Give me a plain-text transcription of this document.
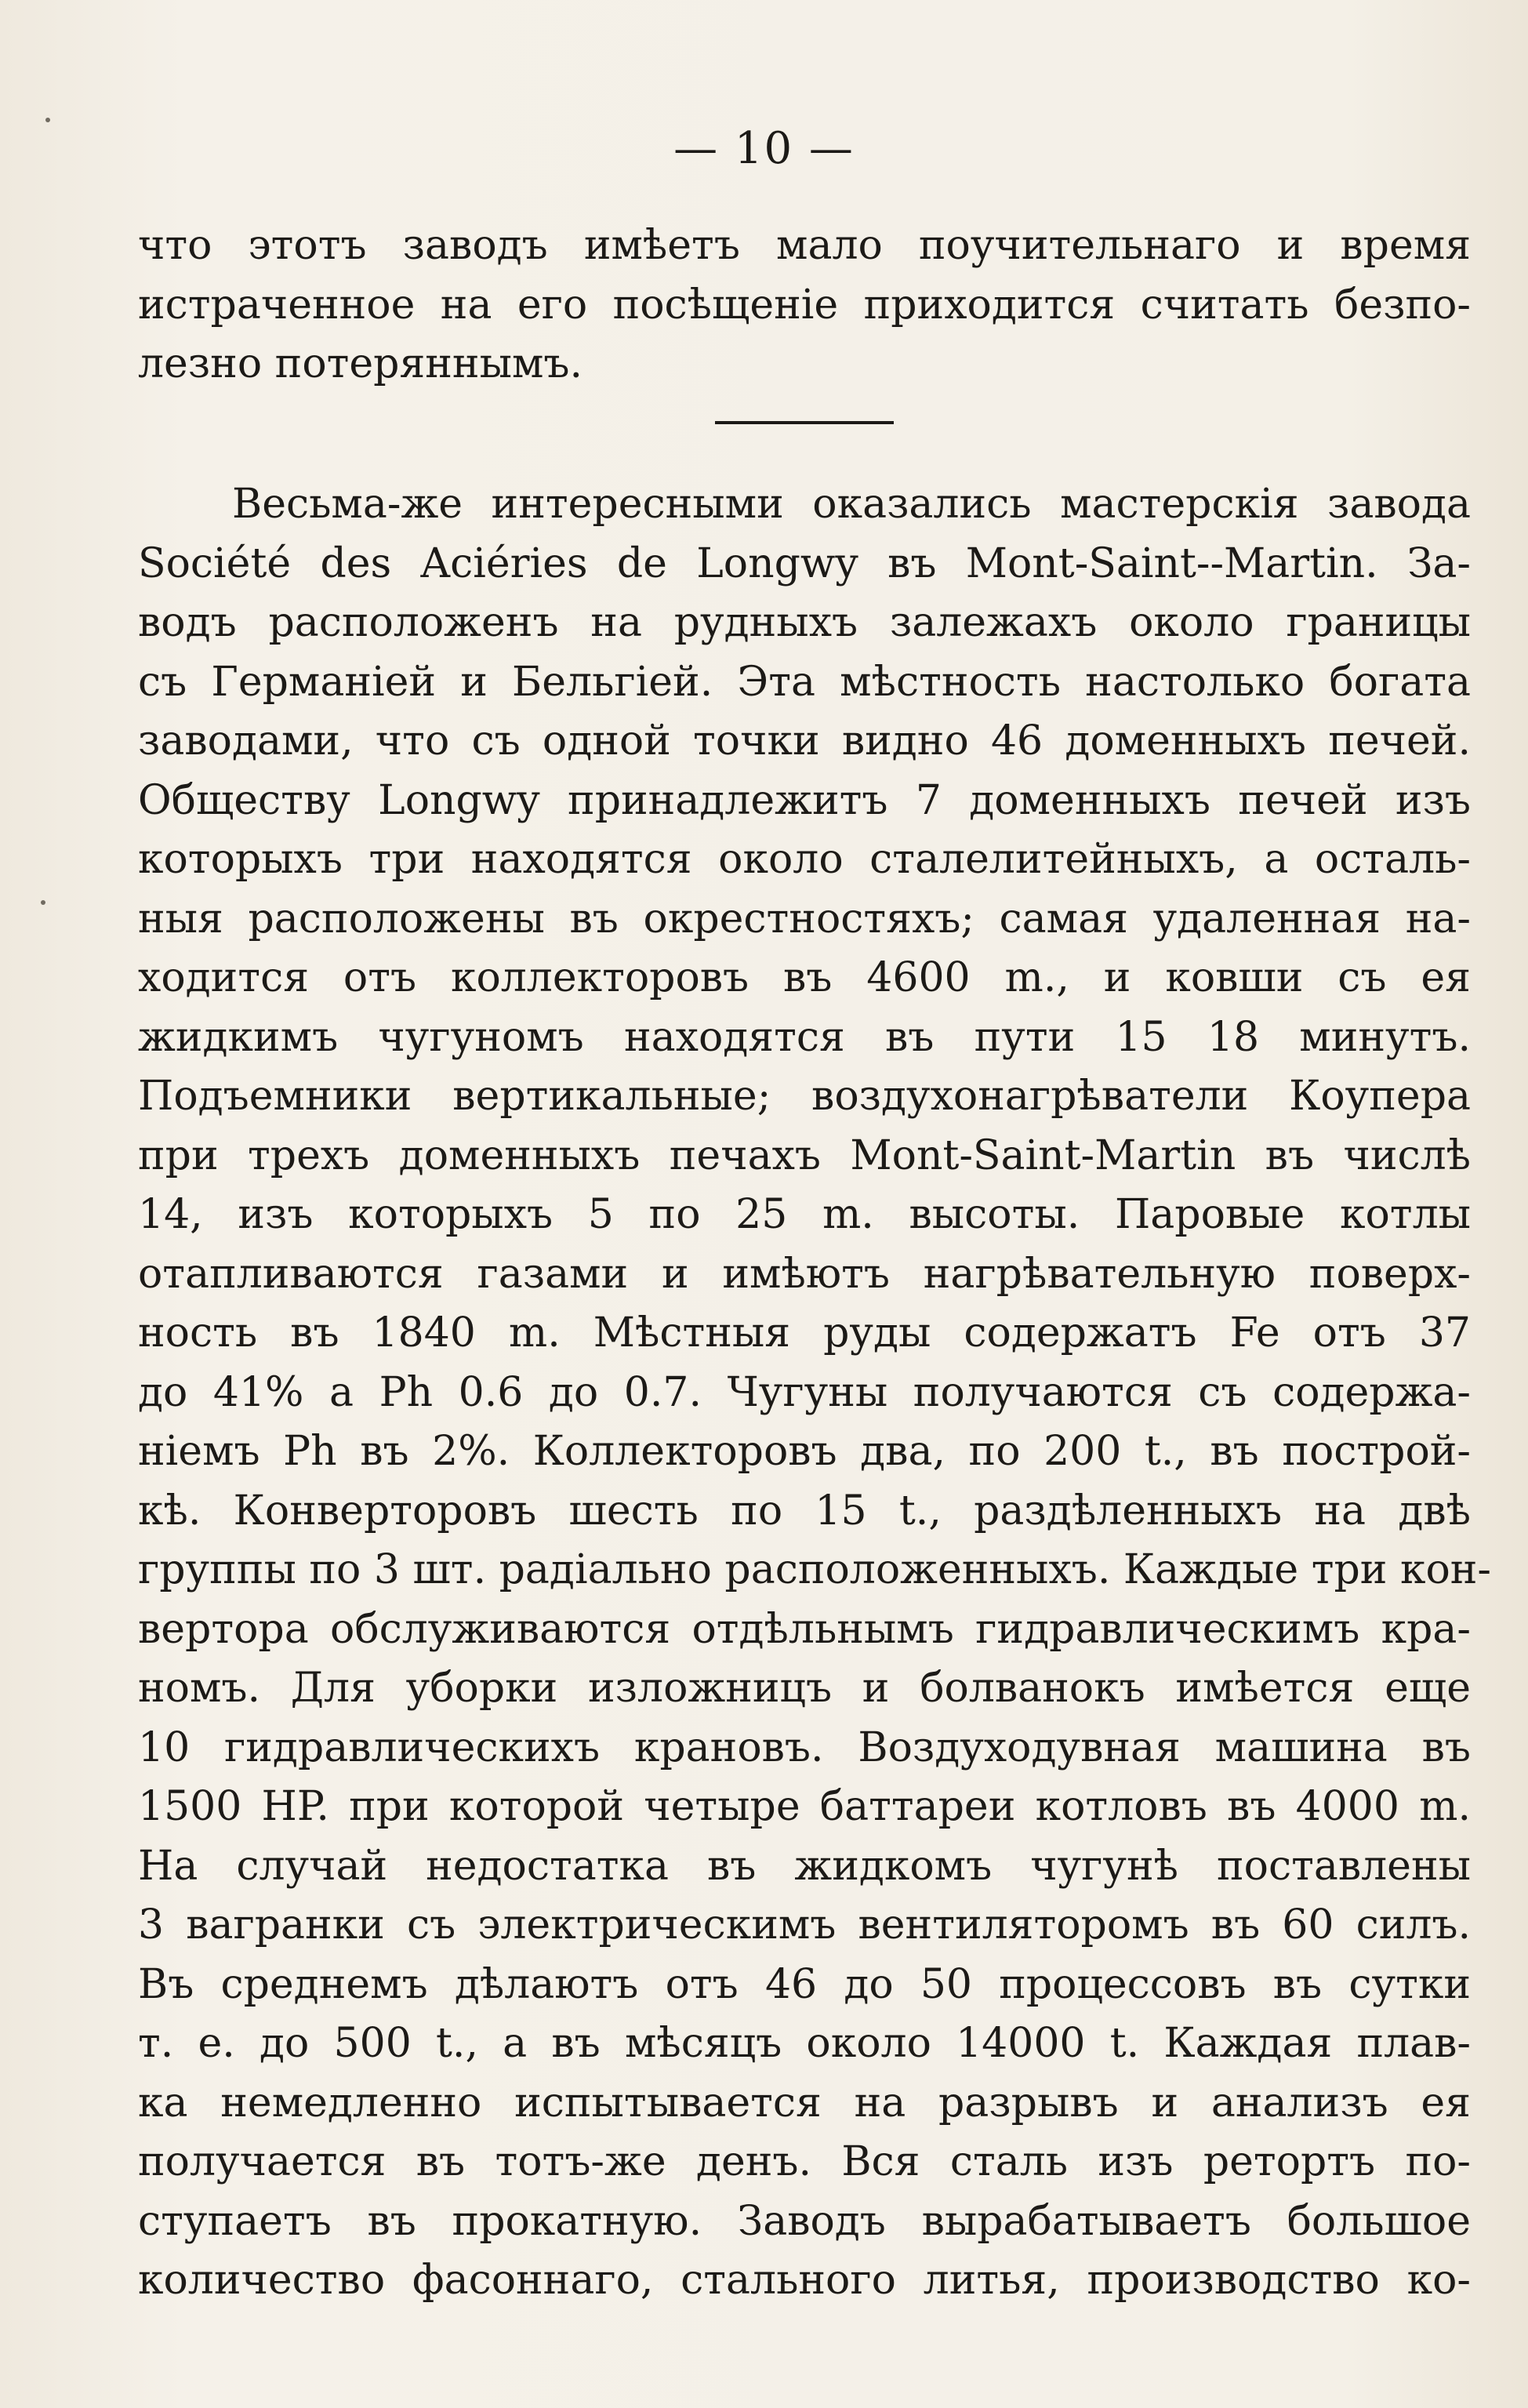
— 10 —
что этотъ заводъ имѣетъ мало поучительнаго и время
истраченное на его посѣщеніе приходится считать безпо-
лезно потеряннымъ.
Весьма-же интересными оказались мастерскія завода
Société des Aciéries de Longwy въ Mont-Saint--Martin. За-
водъ расположенъ на рудныхъ залежахъ около границы
съ Германіей и Бельгіей. Эта мѣстность настолько богата
заводами, что съ одной точки видно 46 доменныхъ печей.
Обществу Longwy принадлежитъ 7 доменныхъ печей изъ
которыхъ три находятся около сталелитейныхъ, а осталь-
ныя расположены въ окрестностяхъ; самая удаленная на-
ходится отъ коллекторовъ въ 4600 m., и ковши съ ея
жидкимъ чугуномъ находятся въ пути 15 18 минутъ.
Подъемники вертикальные; воздухонагрѣватели Коупера
при трехъ доменныхъ печахъ Mont-Saint-Martin въ числѣ
14, изъ которыхъ 5 по 25 m. высоты. Паровые котлы
отапливаются газами и имѣютъ нагрѣвательную поверх-
ность въ 1840 m. Мѣстныя руды содержатъ Fe отъ 37
до 41% а Ph 0.6 до 0.7. Чугуны получаются съ содержа-
ніемъ Ph въ 2%. Коллекторовъ два, по 200 t., въ пострoй-
кѣ. Конверторовъ шесть по 15 t., раздѣленныхъ на двѣ
группы по 3 шт. радіально расположенныхъ. Каждые три кон-
вертора обслуживаются отдѣльнымъ гидравлическимъ кра-
номъ. Для уборки изложницъ и болванокъ имѣется еще
10 гидравлическихъ крановъ. Воздуходувная машина въ
1500 HP. при которой четыре баттареи котловъ въ 4000 m.
На случай недостатка въ жидкомъ чугунѣ поставлены
3 вагранки съ электрическимъ вентиляторомъ въ 60 силъ.
Въ среднемъ дѣлаютъ отъ 46 до 50 процессовъ въ сутки
т. е. до 500 t., а въ мѣсяцъ около 14000 t. Каждая плав-
ка немедленно испытывается на разрывъ и анализъ ея
получается въ тотъ-же денъ. Вся сталь изъ ретортъ по-
ступаетъ въ прокатную. Заводъ вырабатываетъ большое
количество фасоннаго, стального литья, производство ко-
